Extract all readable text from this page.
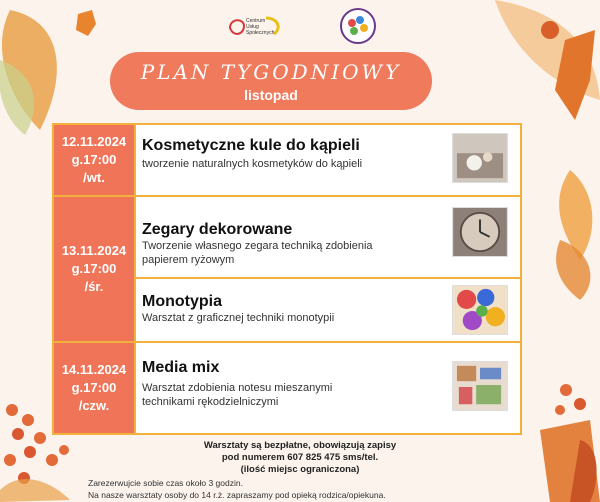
Centrum
Usług
Społecznych
PLAN TYGODNIOWY
listopad
12.11.2024
g.17:00
/wt.
13.11.2024
g.17:00
/śr.
14.11.2024
g.17:00
/czw.
Kosmetyczne kule do kąpieli
tworzenie naturalnych kosmetyków do kąpieli
Zegary dekorowane
Tworzenie własnego zegara techniką zdobienia papierem ryżowym
Monotypia
Warsztat z graficznej techniki monotypii
Media mix
Warsztat zdobienia notesu mieszanymi technikami rękodzielniczymi
Warsztaty są bezpłatne, obowiązują zapisy
pod numerem 607 825 475 sms/tel.
(ilość miejsc ograniczona)
Zarezerwujcie sobie czas około 3 godzin.
Na nasze warsztaty osoby do 14 r.ż. zapraszamy pod opieką rodzica/opiekuna.
